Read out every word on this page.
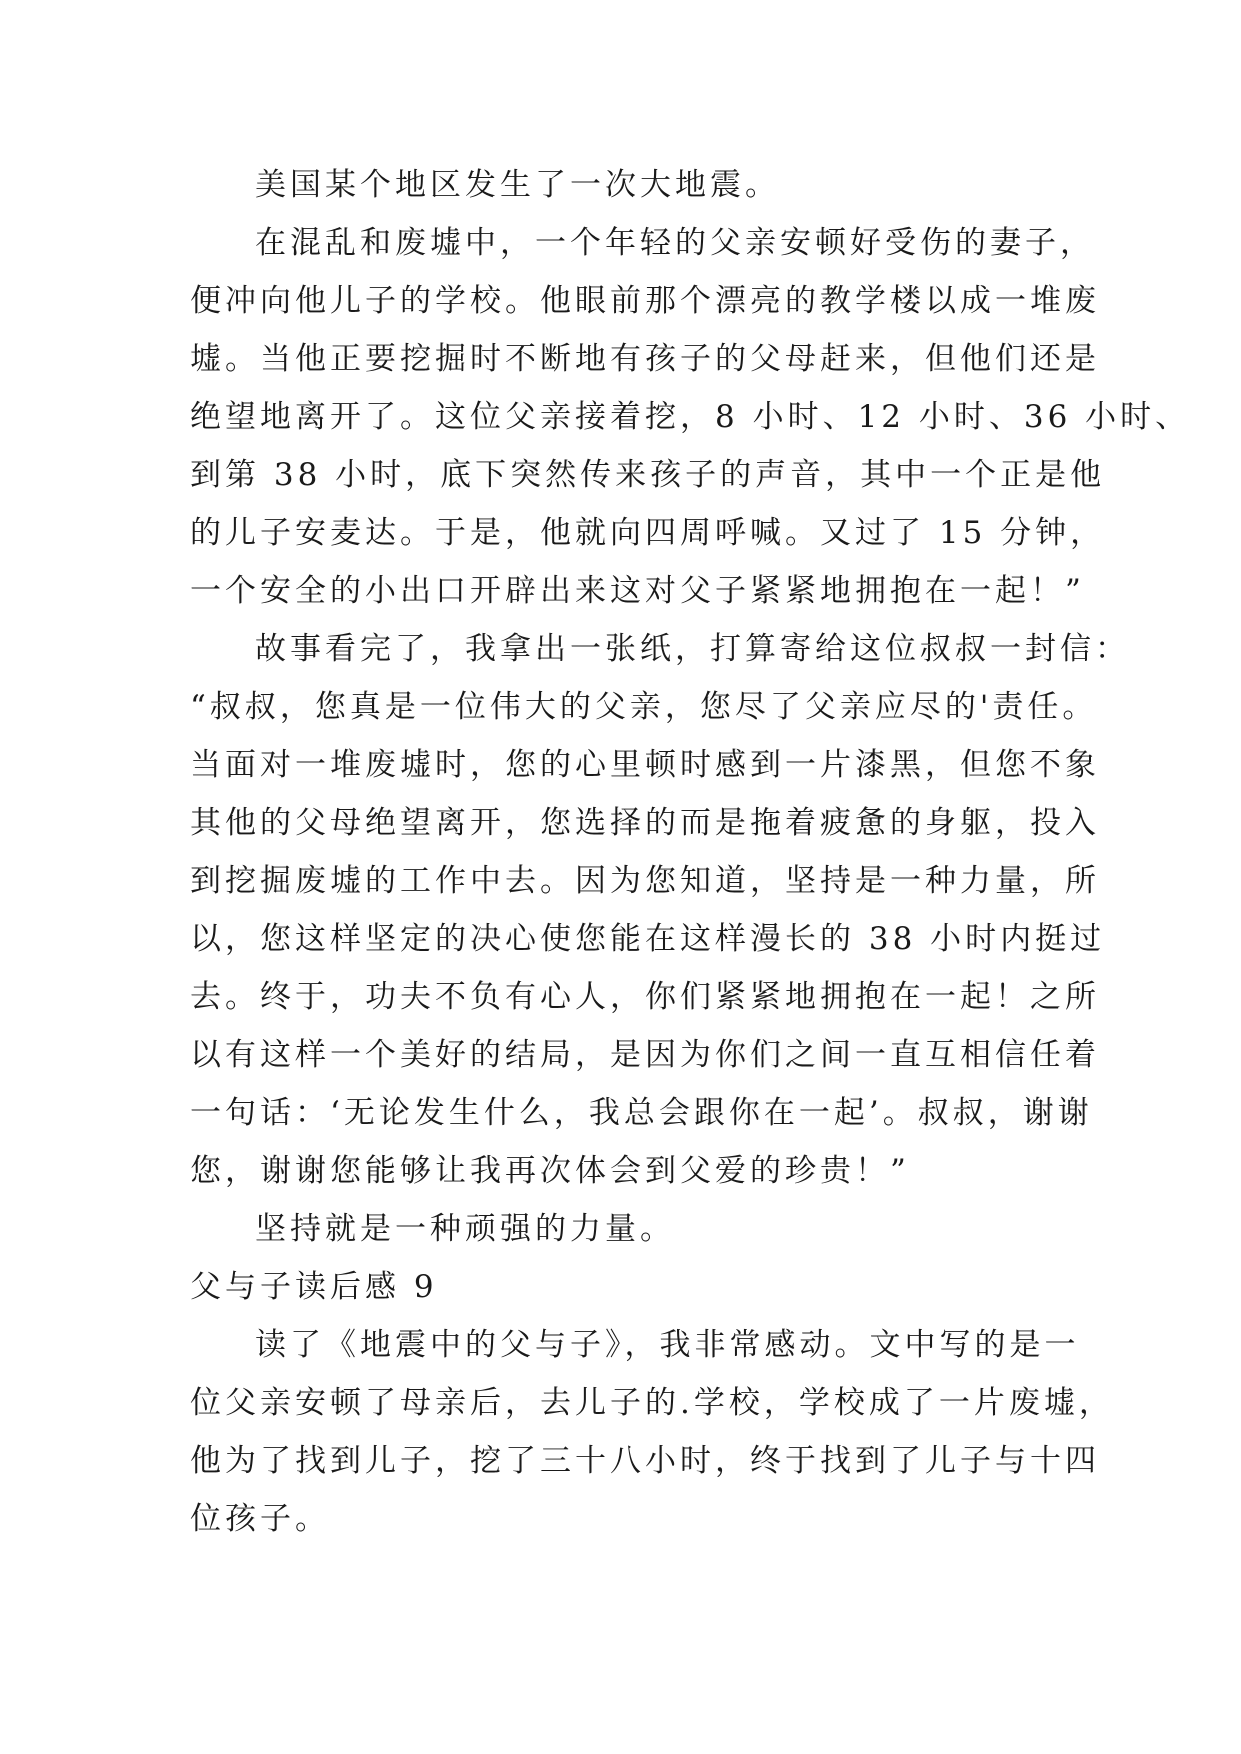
美国某个地区发生了一次大地震。
在混乱和废墟中，一个年轻的父亲安顿好受伤的妻子，
便冲向他儿子的学校。他眼前那个漂亮的教学楼以成一堆废
墟。当他正要挖掘时不断地有孩子的父母赶来，但他们还是
绝望地离开了。这位父亲接着挖，8 小时、12 小时、36 小时、
到第 38 小时，底下突然传来孩子的声音，其中一个正是他
的儿子安麦达。于是，他就向四周呼喊。又过了 15 分钟，
一个安全的小出口开辟出来这对父子紧紧地拥抱在一起！”
故事看完了，我拿出一张纸，打算寄给这位叔叔一封信：
“叔叔，您真是一位伟大的父亲，您尽了父亲应尽的'责任。
当面对一堆废墟时，您的心里顿时感到一片漆黑，但您不象
其他的父母绝望离开，您选择的而是拖着疲惫的身躯，投入
到挖掘废墟的工作中去。因为您知道，坚持是一种力量，所
以，您这样坚定的决心使您能在这样漫长的 38 小时内挺过
去。终于，功夫不负有心人，你们紧紧地拥抱在一起！之所
以有这样一个美好的结局，是因为你们之间一直互相信任着
一句话：‘无论发生什么，我总会跟你在一起’。叔叔，谢谢
您，谢谢您能够让我再次体会到父爱的珍贵！”
坚持就是一种顽强的力量。
父与子读后感 9
读了《地震中的父与子》，我非常感动。文中写的是一
位父亲安顿了母亲后，去儿子的.学校，学校成了一片废墟，
他为了找到儿子，挖了三十八小时，终于找到了儿子与十四
位孩子。
